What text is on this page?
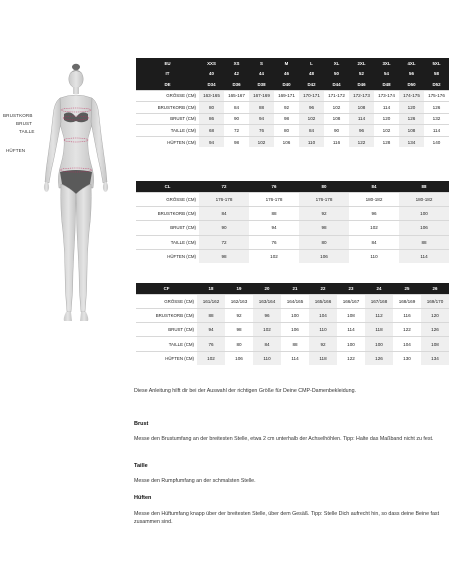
BRUSTKORB
BRUST
TAILLE
HÜFTEN
EU	XXS	XS	S	M	L	XL	2XL	3XL	4XL	5XL
IT	40	42	44	46	48	50	52	54	56	58
DE	D34	D36	D38	D40	D42	D44	D46	D48	D50	D52
GRÖSSE (CM)	163-165	165-167	167-169	169-171	170-171	171-172	172-173	173-174	174-175	175-176
BRUSTKORB (CM)	80	84	88	92	96	102	108	114	120	126
BRUST (CM)	86	90	94	98	102	108	114	120	126	132
TAILLE (CM)	68	72	76	80	84	90	96	102	108	114
HÜFTEN (CM)	94	98	102	106	110	116	122	128	134	140
CL	72	76	80	84	88
GRÖSSE (CM)	176-178	176-178	176-178	180-182	180-182
BRUSTKORB (CM)	84	88	92	96	100
BRUST (CM)	90	94	98	102	106
TAILLE (CM)	72	76	80	84	88
HÜFTEN (CM)	98	102	106	110	114
CF	18	19	20	21	22	23	24	25	26
GRÖSSE (CM)	161/162	162/163	163/164	164/165	165/166	166/167	167/168	168/169	169/170
BRUSTKORB (CM)	88	92	96	100	104	108	112	116	120
BRUST (CM)	94	98	102	106	110	114	118	122	126
TAILLE (CM)	76	80	84	88	92	100	100	104	108
HÜFTEN (CM)	102	106	110	114	118	122	126	130	134
Diese Anleitung hilft dir bei der Auswahl der richtigen Größe für Deine CMP-Damenbekleidung.
Brust
Messe den Brustumfang an der breitesten Stelle, etwa 2 cm unterhalb der Achselhöhlen. Tipp: Halte das Maßband nicht zu fest.
Taille
Messe den Rumpfumfang an der schmalsten Stelle.
Hüften
Messe den Hüftumfang knapp über der breitesten Stelle, über dem Gesäß. Tipp: Stelle Dich aufrecht hin, so dass deine Beine fast zusammen sind.
